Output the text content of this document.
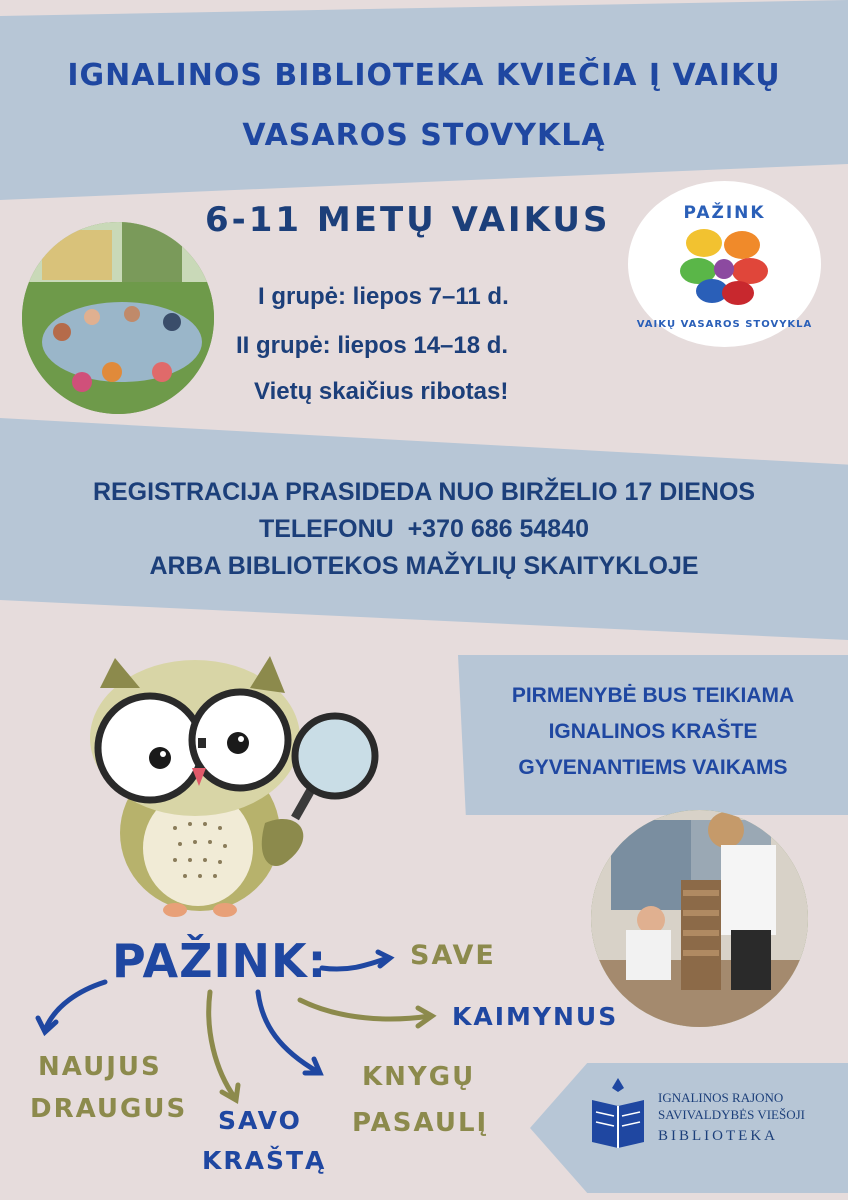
IGNALINOS BIBLIOTEKA KVIEČIA Į VAIKŲ
VASAROS STOVYKLĄ
6-11 METŲ VAIKUS
I grupė: liepos 7–11 d.
II grupė: liepos 14–18 d.
Vietų skaičius ribotas!
PAŽINK
VAIKŲ VASAROS STOVYKLA
REGISTRACIJA PRASIDEDA NUO BIRŽELIO 17 DIENOS
TELEFONU  +370 686 54840
ARBA BIBLIOTEKOS MAŽYLIŲ SKAITYKLOJE
PIRMENYBĖ BUS TEIKIAMA
IGNALINOS KRAŠTE
GYVENANTIEMS VAIKAMS
PAŽINK:	SAVE
KAIMYNUS
NAUJUS
DRAUGUS SAVO
KRAŠTĄ
KNYGŲ
PASAULĮ
IGNALINOS RAJONO
SAVIVALDYBĖS VIEŠOJI
BIBLIOTEKA
